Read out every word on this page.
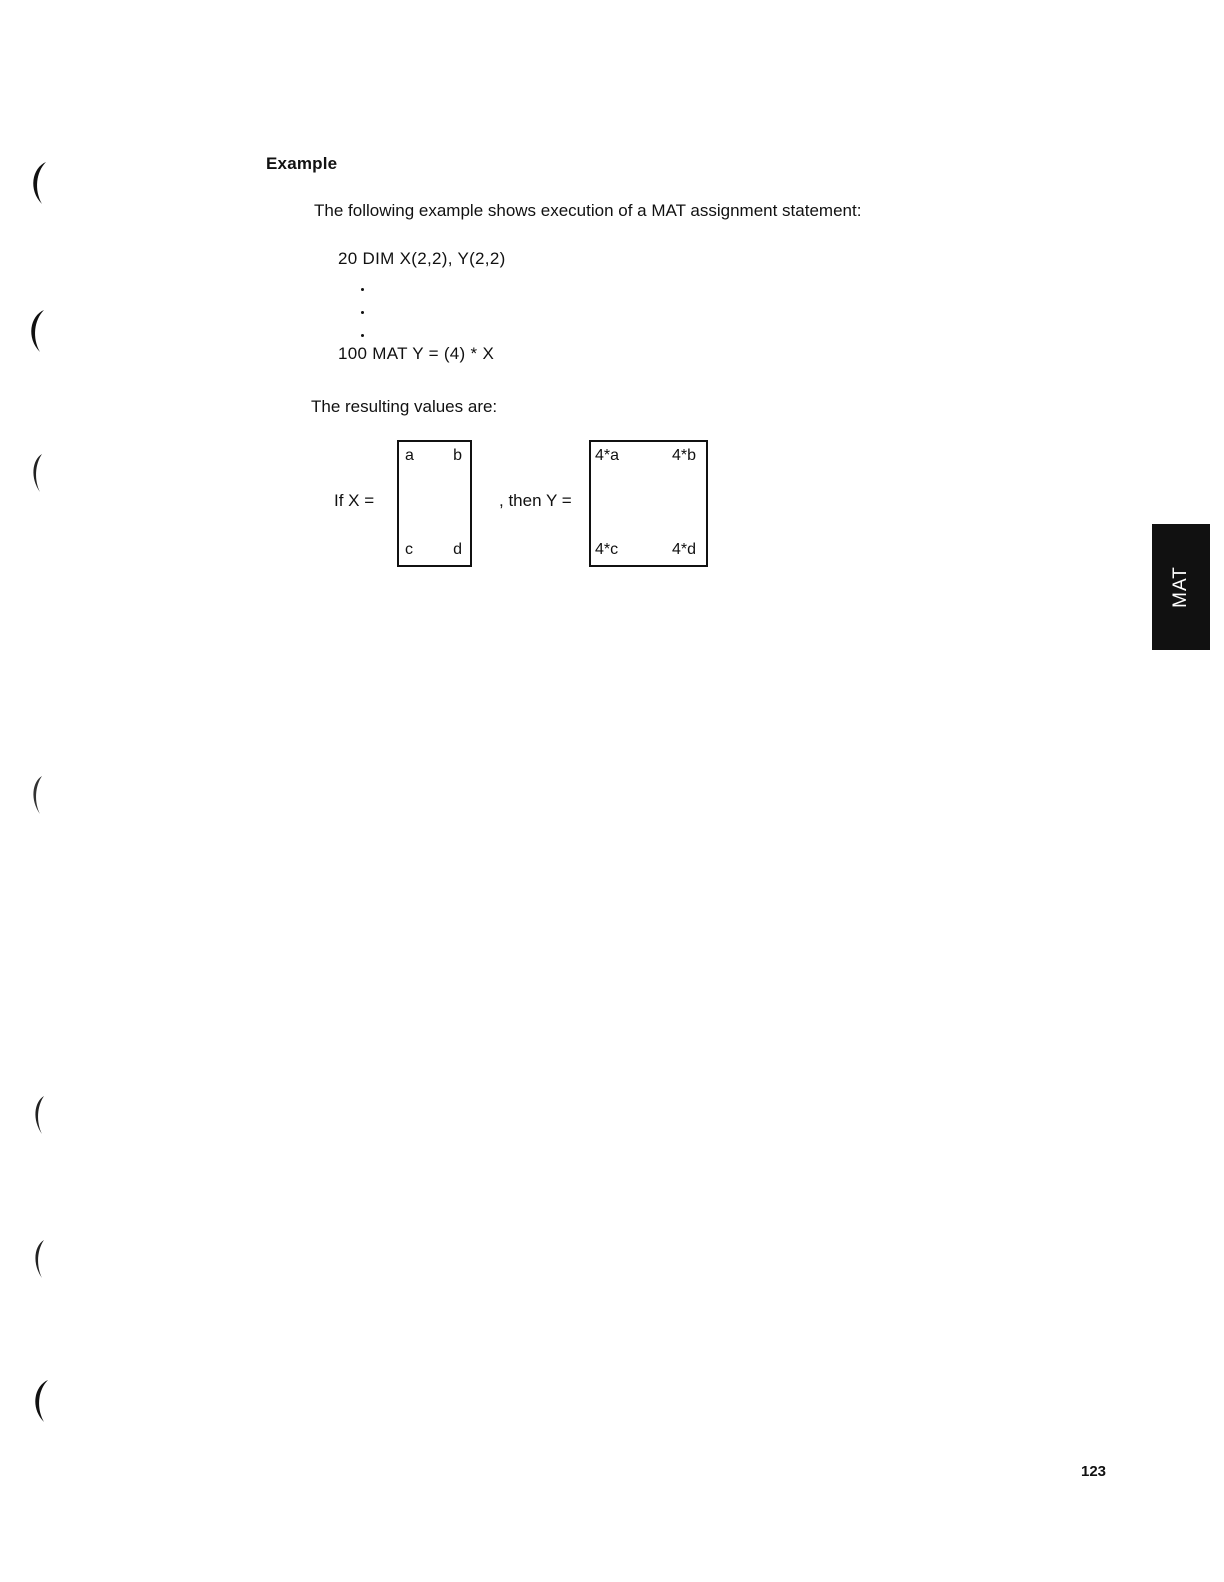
Example
The following example shows execution of a MAT assignment statement:
20 DIM X(2,2), Y(2,2)
100 MAT Y = (4) * X
The resulting values are:
If X =
a b
c	d
, then Y =
4*a	4*b
4*c	4*d
MAT
123
